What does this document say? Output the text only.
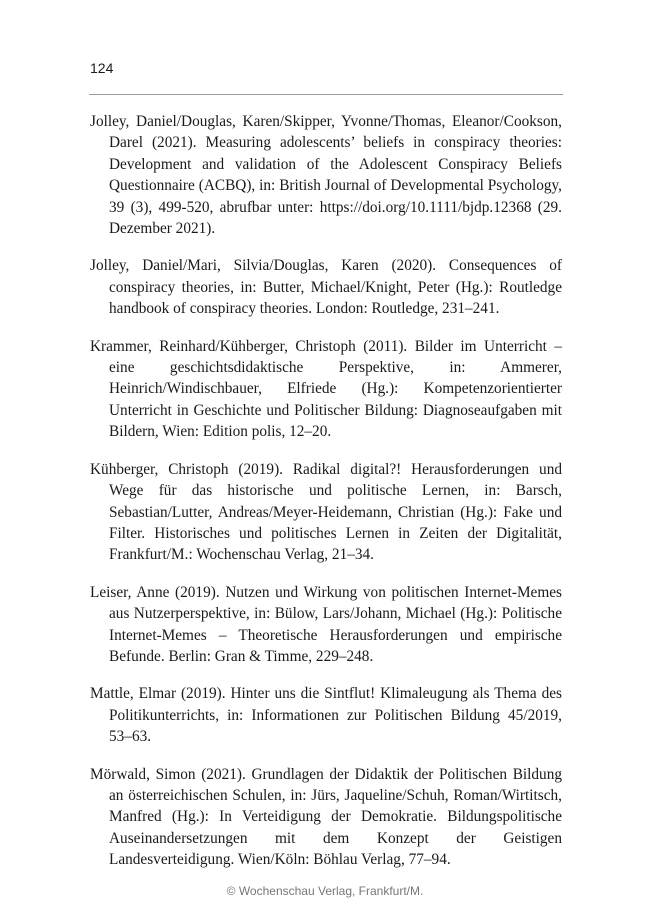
124

Jolley, Daniel/Douglas, Karen/Skipper, Yvonne/Thomas, Eleanor/Cookson, Darel (2021). Measuring adolescents’ beliefs in conspiracy theories: Development and validation of the Adolescent Conspiracy Beliefs Questionnaire (ACBQ), in: British Journal of Developmental Psychology, 39 (3), 499-520, abrufbar unter: https://doi.org/10.1111/bjdp.12368 (29. Dezember 2021).

Jolley, Daniel/Mari, Silvia/Douglas, Karen (2020). Consequences of conspiracy theories, in: Butter, Michael/Knight, Peter (Hg.): Routledge handbook of conspiracy theories. London: Routledge, 231–241.

Krammer, Reinhard/Kühberger, Christoph (2011). Bilder im Unterricht – eine geschichtsdidaktische Perspektive, in: Ammerer, Heinrich/Windischbauer, Elfriede (Hg.): Kompetenzorientierter Unterricht in Geschichte und Politischer Bildung: Diagnoseaufgaben mit Bildern, Wien: Edition polis, 12–20.

Kühberger, Christoph (2019). Radikal digital?! Herausforderungen und Wege für das historische und politische Lernen, in: Barsch, Sebastian/Lutter, Andreas/Meyer-Heidemann, Christian (Hg.): Fake und Filter. Historisches und politisches Lernen in Zeiten der Digitalität, Frankfurt/M.: Wochenschau Verlag, 21–34.

Leiser, Anne (2019). Nutzen und Wirkung von politischen Internet-Memes aus Nutzerperspektive, in: Bülow, Lars/Johann, Michael (Hg.): Politische Internet-Memes – Theoretische Herausforderungen und empirische Befunde. Berlin: Gran & Timme, 229–248.

Mattle, Elmar (2019). Hinter uns die Sintflut! Klimaleugung als Thema des Politikunterrichts, in: Informationen zur Politischen Bildung 45/2019, 53–63.

Mörwald, Simon (2021). Grundlagen der Didaktik der Politischen Bildung an österreichischen Schulen, in: Jürs, Jaqueline/Schuh, Roman/Wirtitsch, Manfred (Hg.): In Verteidigung der Demokratie. Bildungspolitische Auseinandersetzungen mit dem Konzept der Geistigen Landesverteidigung. Wien/Köln: Böhlau Verlag, 77–94.

© Wochenschau Verlag, Frankfurt/M.
